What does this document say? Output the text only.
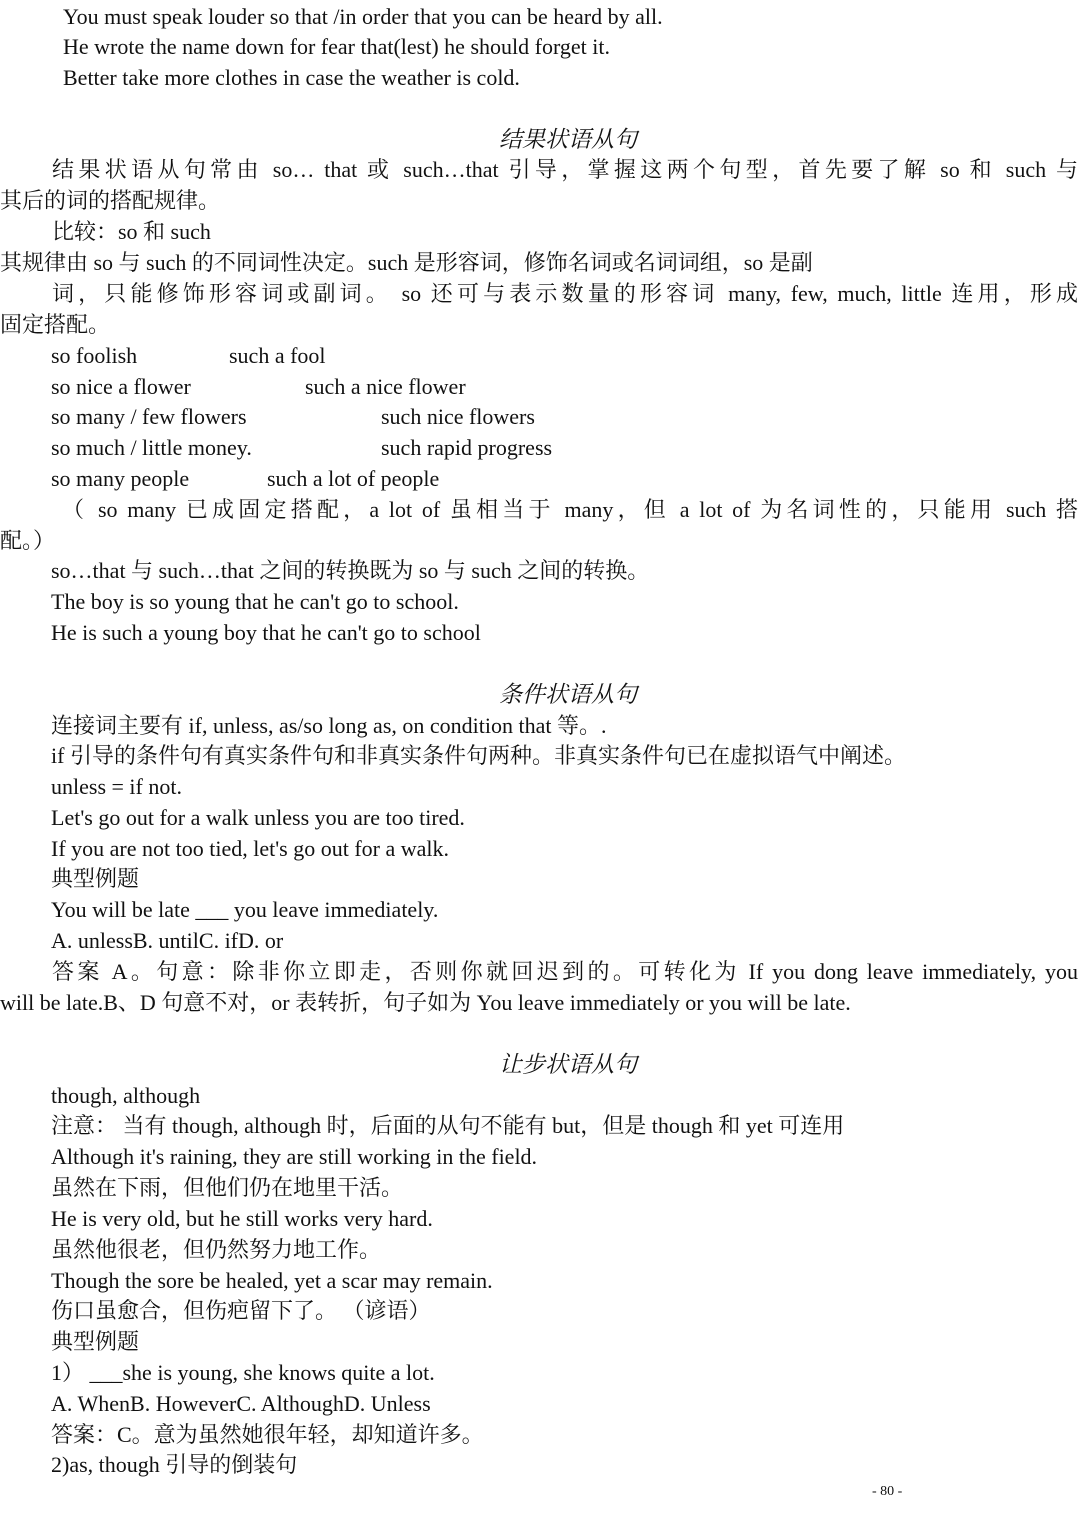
You must speak louder so that /in order that you can be heard by all.
He wrote the name down for fear that(lest) he should forget it.
Better take more clothes in case the weather is cold.
结果状语从句
结果状语从句常由 so… that 或 such…that 引导，掌握这两个句型，首先要了解 so 和 such 与
其后的词的搭配规律。
比较：so 和 such
其规律由 so 与 such 的不同词性决定。such 是形容词，修饰名词或名词词组，so 是副
词，只能修饰形容词或副词。 so 还可与表示数量的形容词 many, few, much, little 连用，形成
固定搭配。
so foolish	such a fool
so nice a flower	such a nice flower
so many / few flowers	such nice flowers
so much / little money.	such rapid progress
so many people	such a lot of people
（ so many 已成固定搭配，a lot of 虽相当于 many，但 a lot of 为名词性的，只能用 such 搭
配。）
so…that 与 such…that 之间的转换既为 so 与 such 之间的转换。
The boy is so young that he can't go to school.
He is such a young boy that he can't go to school
条件状语从句
连接词主要有 if, unless, as/so long as, on condition that 等。.
if 引导的条件句有真实条件句和非真实条件句两种。非真实条件句已在虚拟语气中阐述。
unless = if not.
Let's go out for a walk unless you are too tired.
If you are not too tied, let's go out for a walk.
典型例题
You will be late ___ you leave immediately.
A. unlessB. untilC. ifD. or
答案 A。句意：除非你立即走，否则你就回迟到的。可转化为 If you dong leave immediately, you
will be late.B、D 句意不对，or 表转折，句子如为 You leave immediately or you will be late.
让步状语从句
though, although
注意： 当有 though, although 时，后面的从句不能有 but，但是 though 和 yet 可连用
Although it's raining, they are still working in the field.
虽然在下雨，但他们仍在地里干活。
He is very old, but he still works very hard.
虽然他很老，但仍然努力地工作。
Though the sore be healed, yet a scar may remain.
伤口虽愈合，但伤疤留下了。 （谚语）
典型例题
1） ___she is young, she knows quite a lot.
A. WhenB. HoweverC. AlthoughD. Unless
答案：C。意为虽然她很年轻，却知道许多。
2)as, though 引导的倒装句
- 80 -
